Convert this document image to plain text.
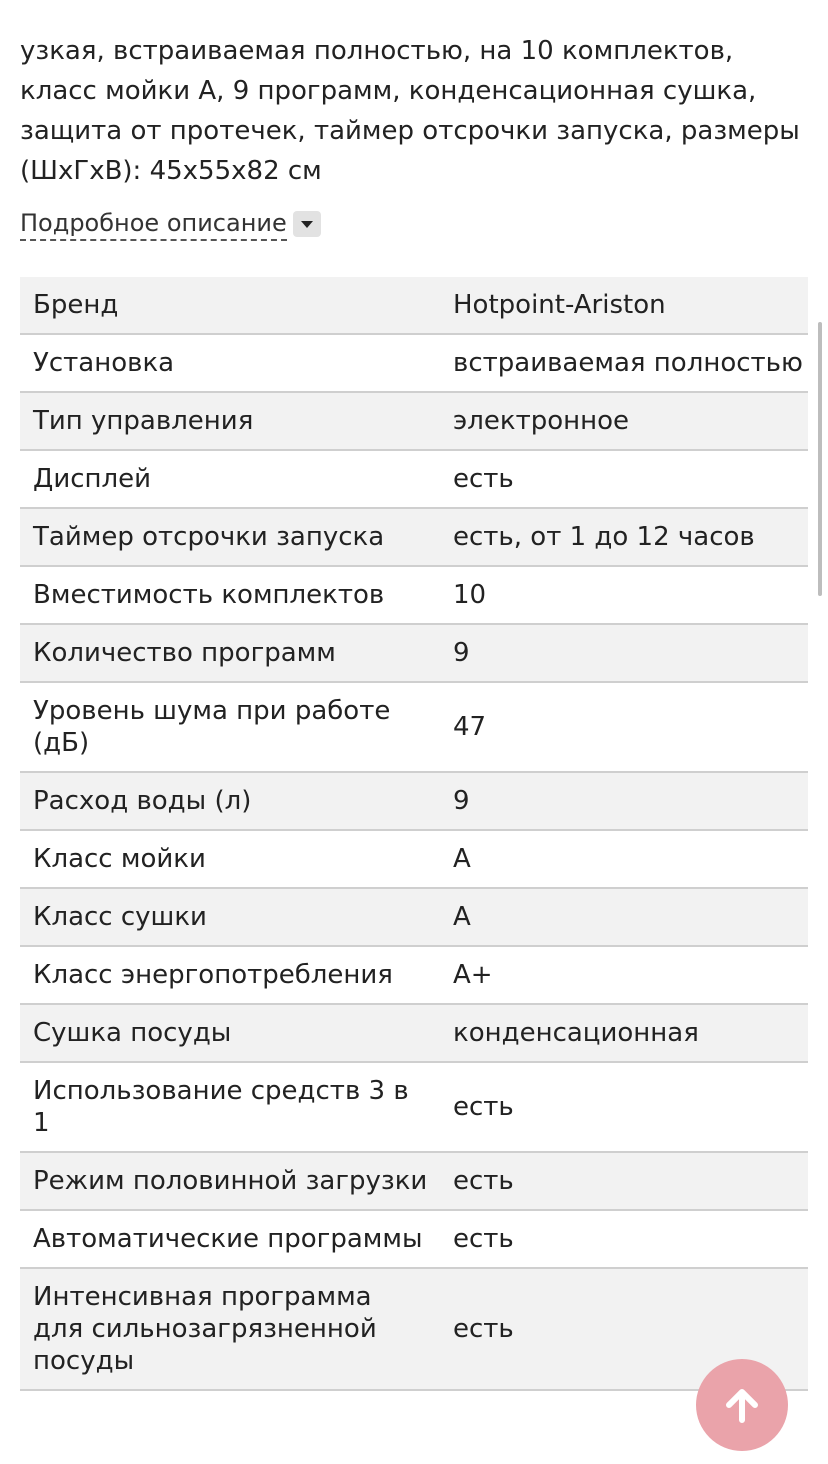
узкая, встраиваемая полностью, на 10 комплектов, класс мойки А, 9 программ, конденсационная сушка, защита от протечек, таймер отсрочки запуска, размеры (ШхГхВ): 45x55x82 см

Подробное описание
Бренд	Hotpoint-Ariston
Установка	встраиваемая полностью
Тип управления	электронное
Дисплей	есть
Таймер отсрочки запуска	есть, от 1 до 12 часов
Вместимость комплектов	10
Количество программ	9
Уровень шума при работе (дБ)	47
Расход воды (л)	9
Класс мойки	A
Класс сушки	A
Класс энергопотребления	A+
Сушка посуды	конденсационная
Использование средств 3 в 1	есть
Режим половинной загрузки	есть
Автоматические программы	есть
Интенсивная программа для сильнозагрязненной посуды	есть
